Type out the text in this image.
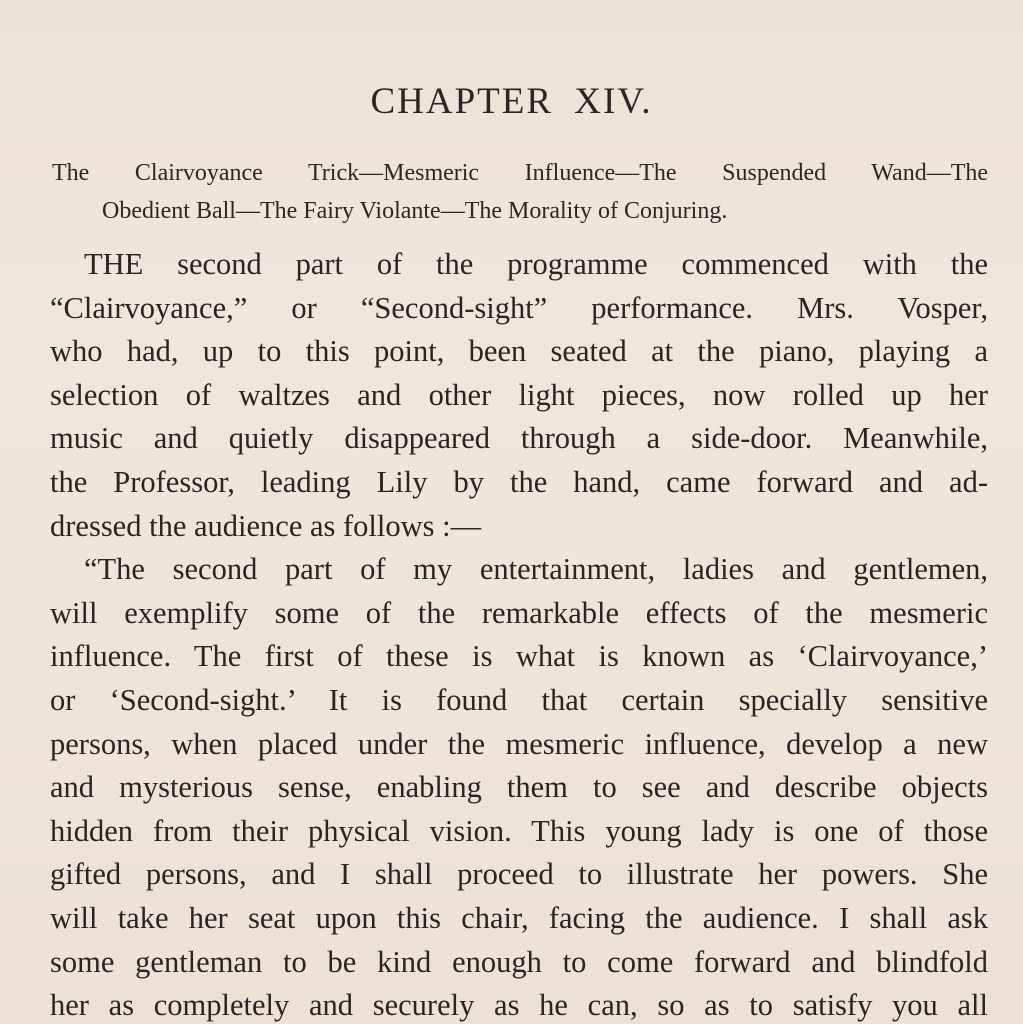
CHAPTER XIV.
The Clairvoyance Trick—Mesmeric Influence—The Suspended Wand—The
Obedient Ball—The Fairy Violante—The Morality of Conjuring.
THE second part of the programme commenced with the
“Clairvoyance,” or “Second-sight” performance. Mrs. Vosper,
who had, up to this point, been seated at the piano, playing a
selection of waltzes and other light pieces, now rolled up her
music and quietly disappeared through a side-door. Meanwhile,
the Professor, leading Lily by the hand, came forward and ad-
dressed the audience as follows :—
“The second part of my entertainment, ladies and gentlemen,
will exemplify some of the remarkable effects of the mesmeric
influence. The first of these is what is known as ‘Clairvoyance,’
or ‘Second-sight.’ It is found that certain specially sensitive
persons, when placed under the mesmeric influence, develop a new
and mysterious sense, enabling them to see and describe objects
hidden from their physical vision. This young lady is one of those
gifted persons, and I shall proceed to illustrate her powers. She
will take her seat upon this chair, facing the audience. I shall ask
some gentleman to be kind enough to come forward and blindfold
her as completely and securely as he can, so as to satisfy you all
